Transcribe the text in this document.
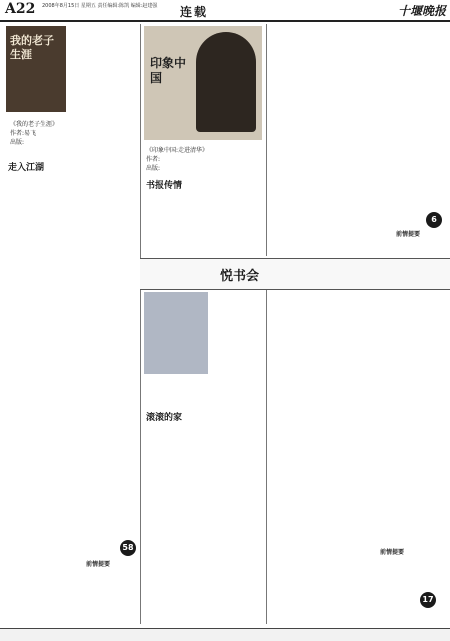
A22 2008年8月15日 星期五 责任编辑:陈凯 编辑:赵建强 连载	十堰晚报
我的老子生涯
《我的老子生涯》
作者:易飞
出版:
走入江湖
58
前情提要
印象中国
《印象中国:走进清华》
作者:
出版:
书报传情
6
前情提要
悦书会
滚滚的家
17
前情提要
